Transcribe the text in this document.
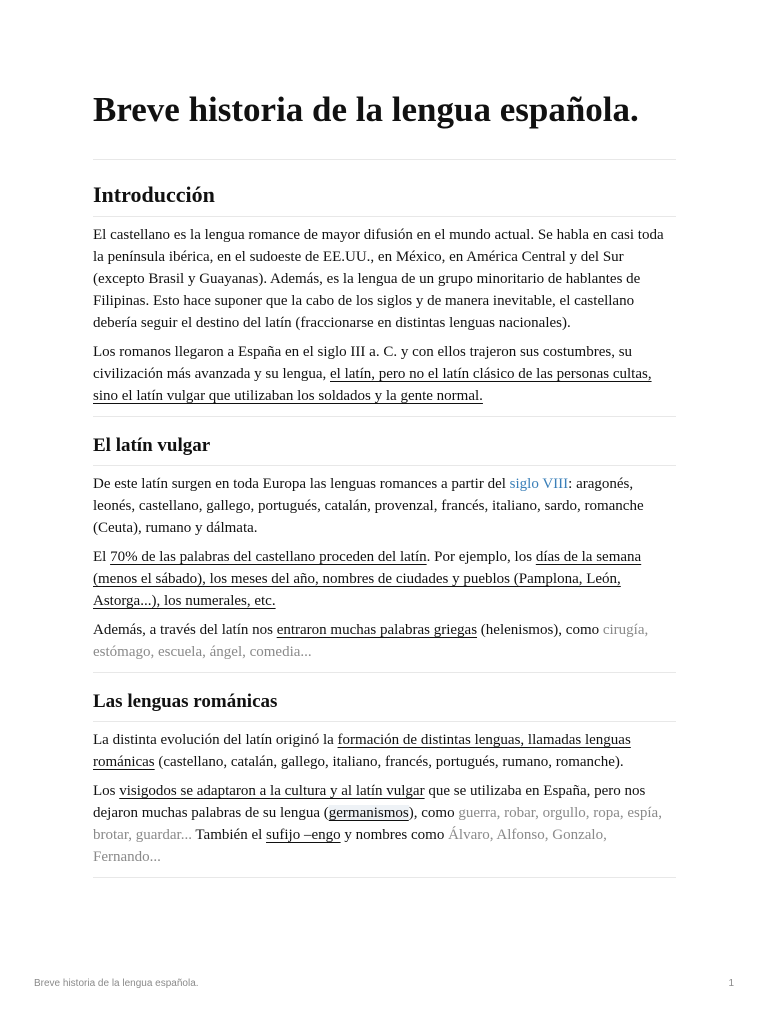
Breve historia de la lengua española.
Introducción

El castellano es la lengua romance de mayor difusión en el mundo actual. Se habla en casi toda la península ibérica, en el sudoeste de EE.UU., en México, en América Central y del Sur (excepto Brasil y Guayanas). Además, es la lengua de un grupo minoritario de hablantes de Filipinas. Esto hace suponer que la cabo de los siglos y de manera inevitable, el castellano debería seguir el destino del latín (fraccionarse en distintas lenguas nacionales).

Los romanos llegaron a España en el siglo III a. C. y con ellos trajeron sus costumbres, su civilización más avanzada y su lengua, el latín, pero no el latín clásico de las personas cultas, sino el latín vulgar que utilizaban los soldados y la gente normal.

El latín vulgar

De este latín surgen en toda Europa las lenguas romances a partir del siglo VIII: aragonés, leonés, castellano, gallego, portugués, catalán, provenzal, francés, italiano, sardo, romanche (Ceuta), rumano y dálmata.

El 70% de las palabras del castellano proceden del latín. Por ejemplo, los días de la semana (menos el sábado), los meses del año, nombres de ciudades y pueblos (Pamplona, León, Astorga...), los numerales, etc.

Además, a través del latín nos entraron muchas palabras griegas (helenismos), como cirugía, estómago, escuela, ángel, comedia...

Las lenguas románicas

La distinta evolución del latín originó la formación de distintas lenguas, llamadas lenguas románicas (castellano, catalán, gallego, italiano, francés, portugués, rumano, romanche).

Los visigodos se adaptaron a la cultura y al latín vulgar que se utilizaba en España, pero nos dejaron muchas palabras de su lengua (germanismos), como guerra, robar, orgullo, ropa, espía, brotar, guardar... También el sufijo –engo y nombres como Álvaro, Alfonso, Gonzalo, Fernando...

Breve historia de la lengua española.	1
